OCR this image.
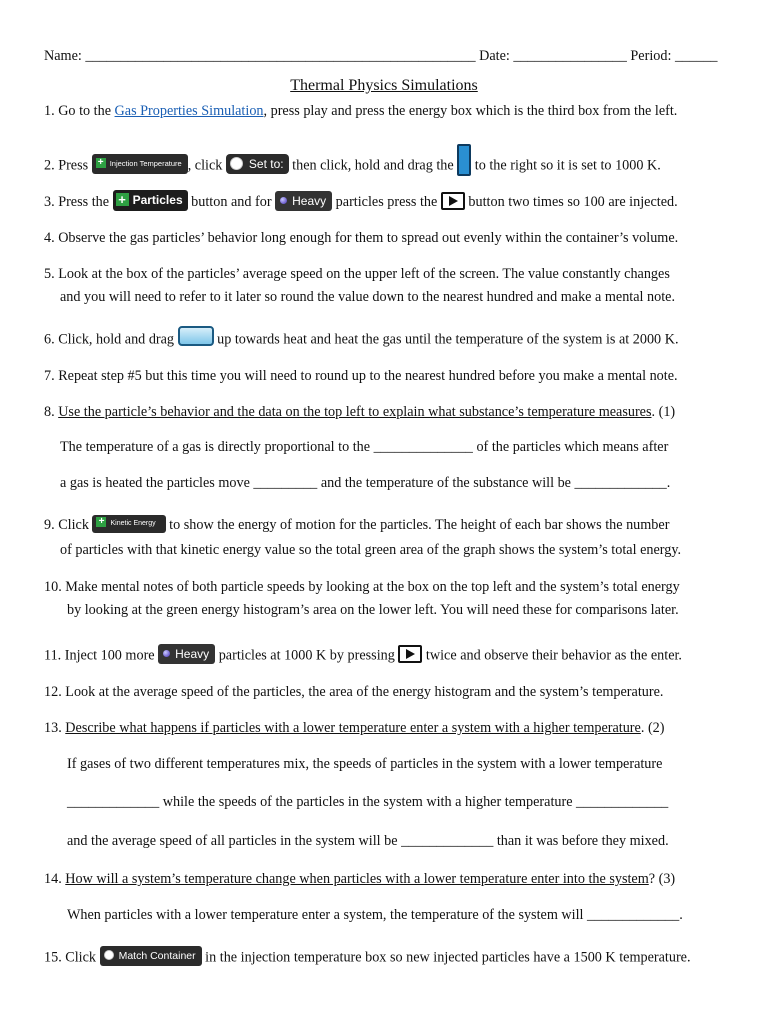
Name: _______________________________________________________ Date: ________________ Period: ______
Thermal Physics Simulations
1. Go to the Gas Properties Simulation, press play and press the energy box which is the third box from the left.
2. Press + Injection Temperature , click Set to: then click, hold and drag the to the right so it is set to 1000 K.
3. Press the + Particles button and for Heavy particles press the button two times so 100 are injected.
4. Observe the gas particles’ behavior long enough for them to spread out evenly within the container’s volume.
5. Look at the box of the particles’ average speed on the upper left of the screen. The value constantly changes
and you will need to refer to it later so round the value down to the nearest hundred and make a mental note.
6. Click, hold and drag	up towards heat and heat the gas until the temperature of the system is at 2000 K.
7. Repeat step #5 but this time you will need to round up to the nearest hundred before you make a mental note.
8. Use the particle’s behavior and the data on the top left to explain what substance’s temperature measures. (1)
The temperature of a gas is directly proportional to the ______________ of the particles which means after
a gas is heated the particles move _________ and the temperature of the substance will be _____________.
9. Click + Kinetic Energy to show the energy of motion for the particles. The height of each bar shows the number
of particles with that kinetic energy value so the total green area of the graph shows the system’s total energy.
10. Make mental notes of both particle speeds by looking at the box on the top left and the system’s total energy
by looking at the green energy histogram’s area on the lower left. You will need these for comparisons later.
11. Inject 100 more Heavy particles at 1000 K by pressing twice and observe their behavior as the enter.
12. Look at the average speed of the particles, the area of the energy histogram and the system’s temperature.
13. Describe what happens if particles with a lower temperature enter a system with a higher temperature. (2)
If gases of two different temperatures mix, the speeds of particles in the system with a lower temperature
_____________ while the speeds of the particles in the system with a higher temperature _____________
and the average speed of all particles in the system will be _____________ than it was before they mixed.
14. How will a system’s temperature change when particles with a lower temperature enter into the system? (3)
When particles with a lower temperature enter a system, the temperature of the system will _____________.
15. Click Match Container in the injection temperature box so new injected particles have a 1500 K temperature.
